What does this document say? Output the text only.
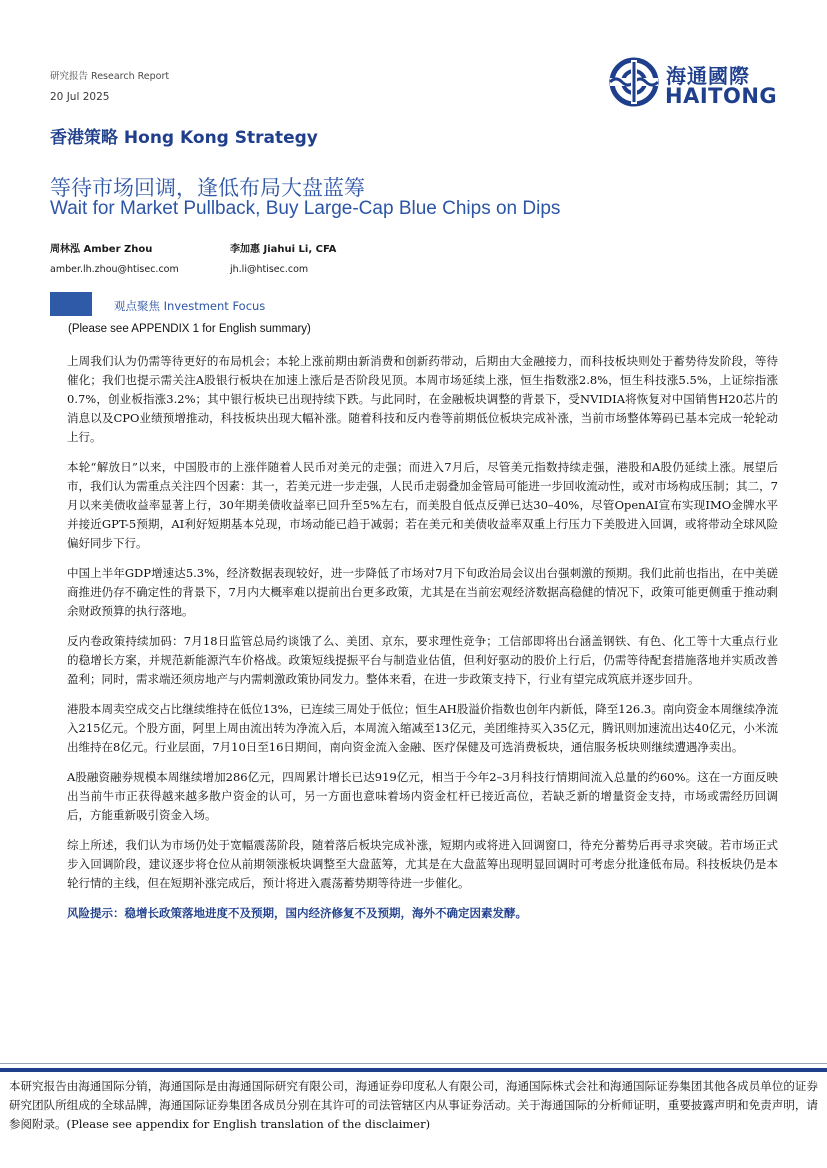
研究报告 Research Report
20 Jul 2025
海通國際
HAITONG
香港策略 Hong Kong Strategy
等待市场回调，逢低布局大盘蓝筹
Wait for Market Pullback, Buy Large-Cap Blue Chips on Dips
周林泓 Amber Zhou
amber.lh.zhou@htisec.com
李加惠 Jiahui Li, CFA
jh.li@htisec.com
观点聚焦 Investment Focus
(Please see APPENDIX 1 for English summary)

上周我们认为仍需等待更好的布局机会；本轮上涨前期由新消费和创新药带动，后期由大金融接力，而科技板块则处于蓄势待发阶段，等待催化；我们也提示需关注A股银行板块在加速上涨后是否阶段见顶。本周市场延续上涨，恒生指数涨2.8%，恒生科技涨5.5%，上证综指涨0.7%，创业板指涨3.2%；其中银行板块已出现持续下跌。与此同时，在金融板块调整的背景下，受NVIDIA将恢复对中国销售H20芯片的消息以及CPO业绩预增推动，科技板块出现大幅补涨。随着科技和反内卷等前期低位板块完成补涨，当前市场整体筹码已基本完成一轮轮动上行。

本轮“解放日”以来，中国股市的上涨伴随着人民币对美元的走强；而进入7月后，尽管美元指数持续走强，港股和A股仍延续上涨。展望后市，我们认为需重点关注四个因素：其一，若美元进一步走强，人民币走弱叠加金管局可能进一步回收流动性，或对市场构成压制；其二，7月以来美债收益率显著上行，30年期美债收益率已回升至5%左右，而美股自低点反弹已达30–40%，尽管OpenAI宣布实现IMO金牌水平并接近GPT-5预期，AI利好短期基本兑现，市场动能已趋于减弱；若在美元和美债收益率双重上行压力下美股进入回调，或将带动全球风险偏好同步下行。

中国上半年GDP增速达5.3%，经济数据表现较好，进一步降低了市场对7月下旬政治局会议出台强刺激的预期。我们此前也指出，在中美磋商推进仍存不确定性的背景下，7月内大概率难以提前出台更多政策，尤其是在当前宏观经济数据高稳健的情况下，政策可能更侧重于推动剩余财政预算的执行落地。

反内卷政策持续加码：7月18日监管总局约谈饿了么、美团、京东，要求理性竞争；工信部即将出台涵盖钢铁、有色、化工等十大重点行业的稳增长方案，并规范新能源汽车价格战。政策短线提振平台与制造业估值，但利好驱动的股价上行后，仍需等待配套措施落地并实质改善盈利；同时，需求端还须房地产与内需刺激政策协同发力。整体来看，在进一步政策支持下，行业有望完成筑底并逐步回升。

港股本周卖空成交占比继续维持在低位13%，已连续三周处于低位；恒生AH股溢价指数也创年内新低，降至126.3。南向资金本周继续净流入215亿元。个股方面，阿里上周由流出转为净流入后，本周流入缩减至13亿元，美团维持买入35亿元，腾讯则加速流出达40亿元，小米流出维持在8亿元。行业层面，7月10日至16日期间，南向资金流入金融、医疗保健及可选消费板块，通信服务板块则继续遭遇净卖出。

A股融资融券规模本周继续增加286亿元，四周累计增长已达919亿元，相当于今年2–3月科技行情期间流入总量的约60%。这在一方面反映出当前牛市正获得越来越多散户资金的认可，另一方面也意味着场内资金杠杆已接近高位，若缺乏新的增量资金支持，市场或需经历回调后，方能重新吸引资金入场。

综上所述，我们认为市场仍处于宽幅震荡阶段，随着落后板块完成补涨，短期内或将进入回调窗口，待充分蓄势后再寻求突破。若市场正式步入回调阶段，建议逐步将仓位从前期领涨板块调整至大盘蓝筹，尤其是在大盘蓝筹出现明显回调时可考虑分批逢低布局。科技板块仍是本轮行情的主线，但在短期补涨完成后，预计将进入震荡蓄势期等待进一步催化。

风险提示：稳增长政策落地进度不及预期，国内经济修复不及预期，海外不确定因素发酵。

本研究报告由海通国际分销，海通国际是由海通国际研究有限公司，海通证券印度私人有限公司，海通国际株式会社和海通国际证券集团其他各成员单位的证券研究团队所组成的全球品牌，海通国际证券集团各成员分别在其许可的司法管辖区内从事证券活动。关于海通国际的分析师证明，重要披露声明和免责声明，请参阅附录。(Please see appendix for English translation of the disclaimer)
